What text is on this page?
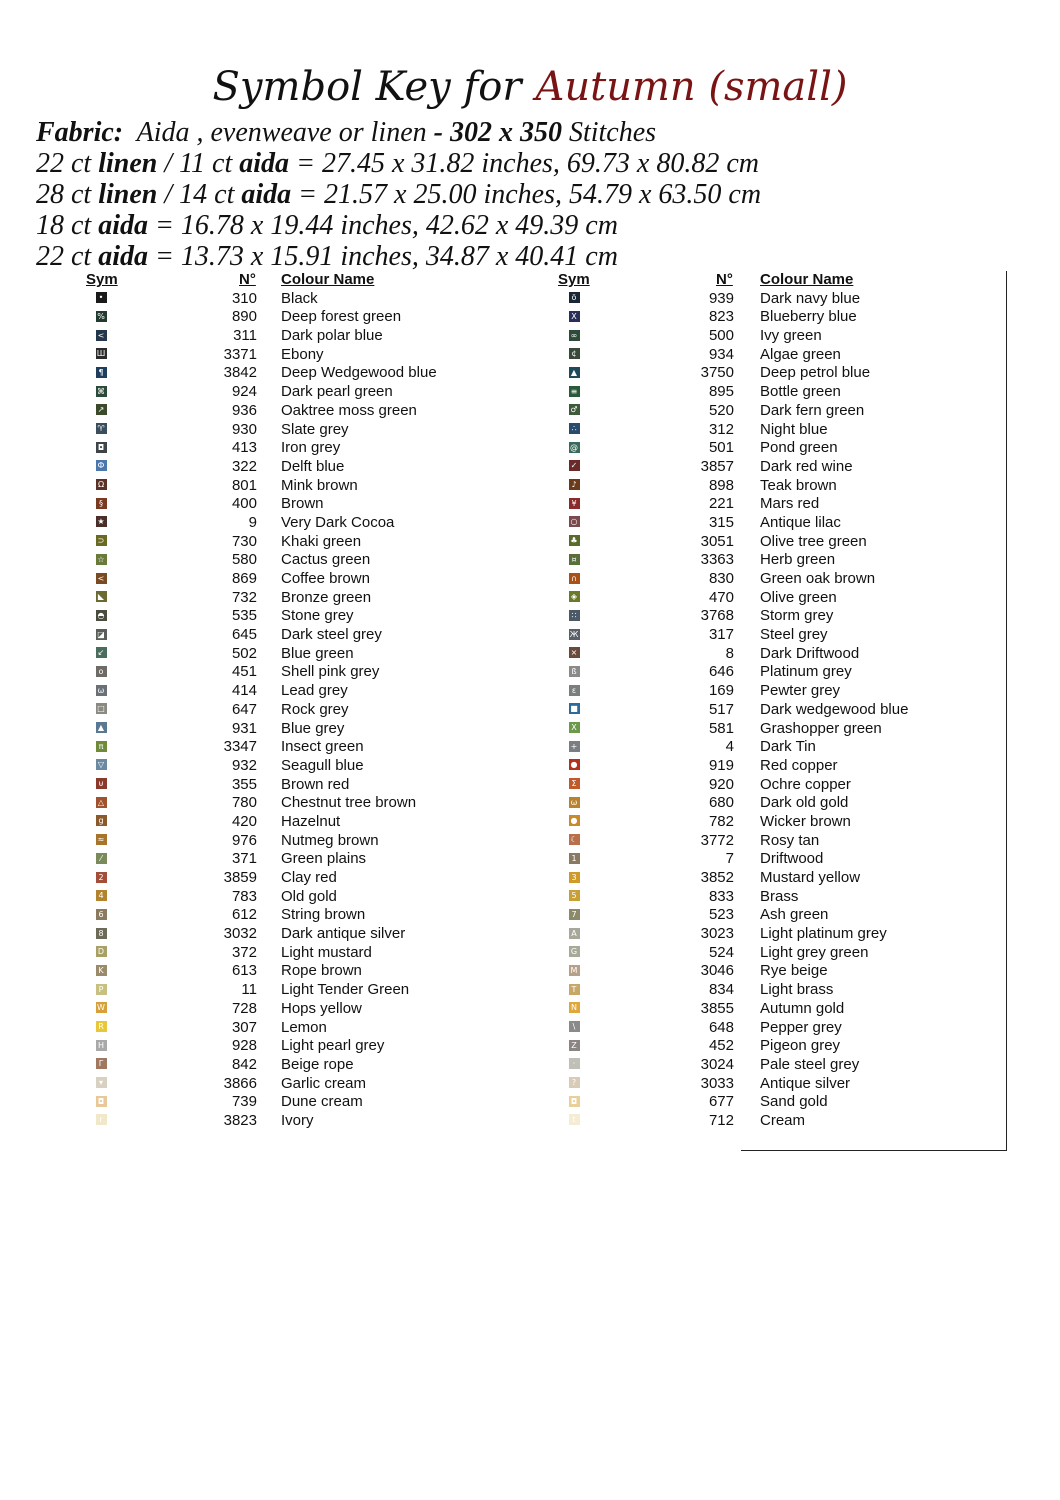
Symbol Key for Autumn (small)
Fabric: Aida , evenweave or linen - 302 x 350 Stitches
22 ct linen / 11 ct aida = 27.45 x 31.82 inches, 69.73 x 80.82 cm
28 ct linen / 14 ct aida = 21.57 x 25.00 inches, 54.79 x 63.50 cm
18 ct aida = 16.78 x 19.44 inches, 42.62 x 49.39 cm
22 ct aida = 13.73 x 15.91 inches, 34.87 x 40.41 cm
Sym	N° Colour Name
•	310 Black
%	890 Deep forest green
<	311 Dark polar blue
Ш	3371 Ebony
¶	3842 Deep Wedgewood blue
⌘	924 Dark pearl green
↗	936 Oaktree moss green
♈	930 Slate grey
◘	413 Iron grey
Ф	322 Delft blue
Ω	801 Mink brown
§	400 Brown
★	9 Very Dark Cocoa
⊃	730 Khaki green
☆	580 Cactus green
<	869 Coffee brown
◣	732 Bronze green
◓	535 Stone grey
◪	645 Dark steel grey
↙	502 Blue green
o	451 Shell pink grey
ω	414 Lead grey
□	647 Rock grey
▲	931 Blue grey
π	3347 Insect green
▽	932 Seagull blue
⊍	355 Brown red
△	780 Chestnut tree brown
g	420 Hazelnut
≈	976 Nutmeg brown
⁄	371 Green plains
2	3859 Clay red
4	783 Old gold
6	612 String brown
8	3032 Dark antique silver
D	372 Light mustard
K	613 Rope brown
P	11 Light Tender Green
W	728 Hops yellow
R	307 Lemon
H	928 Light pearl grey
Γ	842 Beige rope
▾	3866 Garlic cream
◘	739 Dune cream
r	3823 Ivory
Sym	N° Colour Name
ö	939 Dark navy blue
X	823 Blueberry blue
∞	500 Ivy green
¢	934 Algae green
▲	3750 Deep petrol blue
≡	895 Bottle green
♂	520 Dark fern green
∴	312 Night blue
@	501 Pond green
✓	3857 Dark red wine
♪	898 Teak brown
¥	221 Mars red
○	315 Antique lilac
♣	3051 Olive tree green
¤	3363 Herb green
∩	830 Green oak brown
◈	470 Olive green
∷	3768 Storm grey
Ж	317 Steel grey
×	8 Dark Driftwood
ß	646 Platinum grey
ε	169 Pewter grey
■	517 Dark wedgewood blue
X	581 Grashopper green
+	4 Dark Tin
●	919 Red copper
Σ	920 Ochre copper
ω	680 Dark old gold
●	782 Wicker brown
☾	3772 Rosy tan
1	7 Driftwood
3	3852 Mustard yellow
5	833 Brass
7	523 Ash green
A	3023 Light platinum grey
G	524 Light grey green
M	3046 Rye beige
T	834 Light brass
N	3855 Autumn gold
\	648 Pepper grey
Z	452 Pigeon grey
·	3024 Pale steel grey
?	3033 Antique silver
◘	677 Sand gold
t	712 Cream
